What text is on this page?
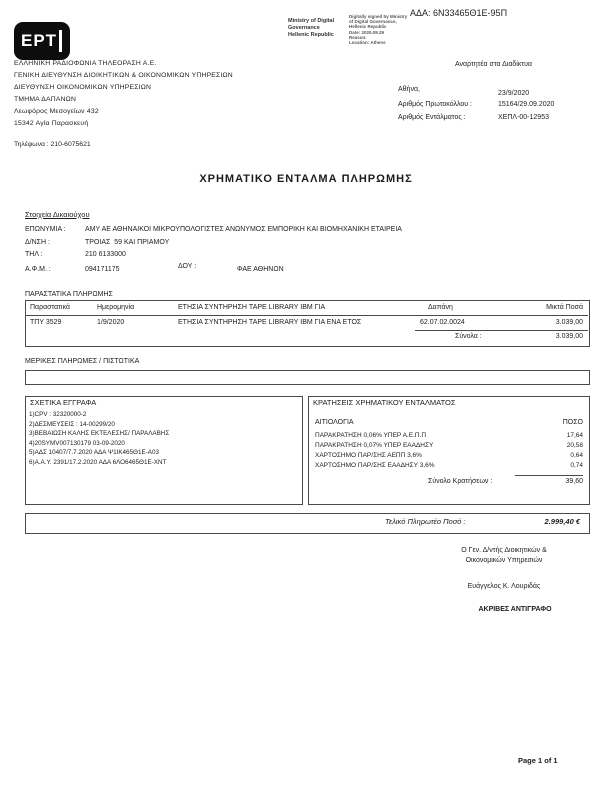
ΑΔΑ: 6Ν33465Θ1Ε-95Π
ΕΡΤ
Ministry of Digital
Governance
Hellenic Republic
Digitally signed by Ministry
of Digital Governance,
Hellenic Republic
Date: 2020.09.29
Reason:
Location: Athens
ΕΛΛΗΝΙΚΗ ΡΑΔΙΟΦΩΝΙΑ ΤΗΛΕΟΡΑΣΗ Α.Ε.
ΓΕΝΙΚΗ ΔΙΕΥΘΥΝΣΗ ΔΙΟΙΚΗΤΙΚΩΝ & ΟΙΚΟΝΟΜΙΚΩΝ ΥΠΗΡΕΣΙΩΝ
ΔΙΕΥΘΥΝΣΗ ΟΙΚΟΝΟΜΙΚΩΝ ΥΠΗΡΕΣΙΩΝ
ΤΜΗΜΑ ΔΑΠΑΝΩΝ
Λεωφόρος Μεσογείων 432
15342 Αγία Παρασκευή
Τηλέφωνα : 210-6075621
Αναρτητέα στα Διαδίκτυα
Αθήνα,
23/9/2020
Αριθμός Πρωτοκόλλου :	15164/29.09.2020
Αριθμός Εντάλματος :	ΧΕΠΛ-00-12953
ΧΡΗΜΑΤΙΚΟ ΕΝΤΑΛΜΑ ΠΛΗΡΩΜΗΣ
Στοιχεία Δικαιούχου
ΕΠΩΝΥΜΙΑ :	ΑΜΥ ΑΕ ΑΘΗΝΑΙΚΟΙ ΜΙΚΡΟΥΠΟΛΟΓΙΣΤΕΣ ΑΝΩΝΥΜΟΣ ΕΜΠΟΡΙΚΗ ΚΑΙ ΒΙΟΜΗΧΑΝΙΚΗ ΕΤΑΙΡΕΙΑ
Δ/ΝΣΗ :	ΤΡΟΙΑΣ  59 ΚΑΙ ΠΡΙΑΜΟΥ
ΤΗΛ :	210 6133000
Α.Φ.Μ. :	094171175	ΔΟΥ :	ΦΑΕ ΑΘΗΝΩΝ
ΠΑΡΑΣΤΑΤΙΚΑ ΠΛΗΡΩΜΗΣ
Παραστατικά	Ημερομηνία	ΕΤΗΣΙΑ ΣΥΝΤΗΡΗΣΗ TAPE LIBRARY IBM ΓΙΑ	Δαπάνη	Μικτά Ποσά
ΤΠΥ 3529	1/9/2020	ΕΤΗΣΙΑ ΣΥΝΤΗΡΗΣΗ TAPE LIBRARY IBM ΓΙΑ ΕΝΑ ΕΤΟΣ	62.07.02.0024	3.039,00
Σύνολα :	3.039,00
ΜΕΡΙΚΕΣ ΠΛΗΡΩΜΕΣ / ΠΙΣΤΩΤΙΚΑ
ΣΧΕΤΙΚΑ ΕΓΓΡΑΦΑ
1)CPV : 32320000-2
2)ΔΕΣΜΕΥΣΕΙΣ : 14-00299/20
3)ΒΕΒΑΙΩΣΗ ΚΑΛΗΣ ΕΚΤΕΛΕΣΗΣ/ ΠΑΡΑΛΑΒΗΣ
4)20SYMV007130179 03-09-2020
5)ΑΔΣ 10407/7.7.2020 ΑΔΑ Ψ1ΙΚ465Θ1Ε-Α03
6)Α.Α.Υ. 2391/17.2.2020 ΑΔΑ 6ΛΟ6465Θ1Ε-ΧΝΤ
ΚΡΑΤΗΣΕΙΣ ΧΡΗΜΑΤΙΚΟΥ ΕΝΤΑΛΜΑΤΟΣ
ΑΙΤΙΟΛΟΓΙΑ	ΠΟΣΟ
ΠΑΡΑΚΡΑΤΗΣΗ 0,06% ΥΠΕΡ Α.Ε.Π.Π	17,64
ΠΑΡΑΚΡΑΤΗΣΗ 0,07% ΥΠΕΡ ΕΑΑΔΗΣΥ	20,58
ΧΑΡΤΟΣΗΜΟ ΠΑΡ/ΣΗΣ ΑΕΠΠ 3,6%	0,64
ΧΑΡΤΟΣΗΜΟ ΠΑΡ/ΣΗΣ ΕΑΑΔΗΣΥ 3,6%	0,74
Σύνολο Κρατήσεων :	39,60
Τελικό Πληρωτέο Ποσό :	2.999,40 €
Ο Γεν. Δ/ντής Διοικητικών &
Οικονομικών Υπηρεσιών
Ευάγγελος Κ. Λουριδάς
ΑΚΡΙΒΕΣ ΑΝΤΙΓΡΑΦΟ
Page 1 of 1
